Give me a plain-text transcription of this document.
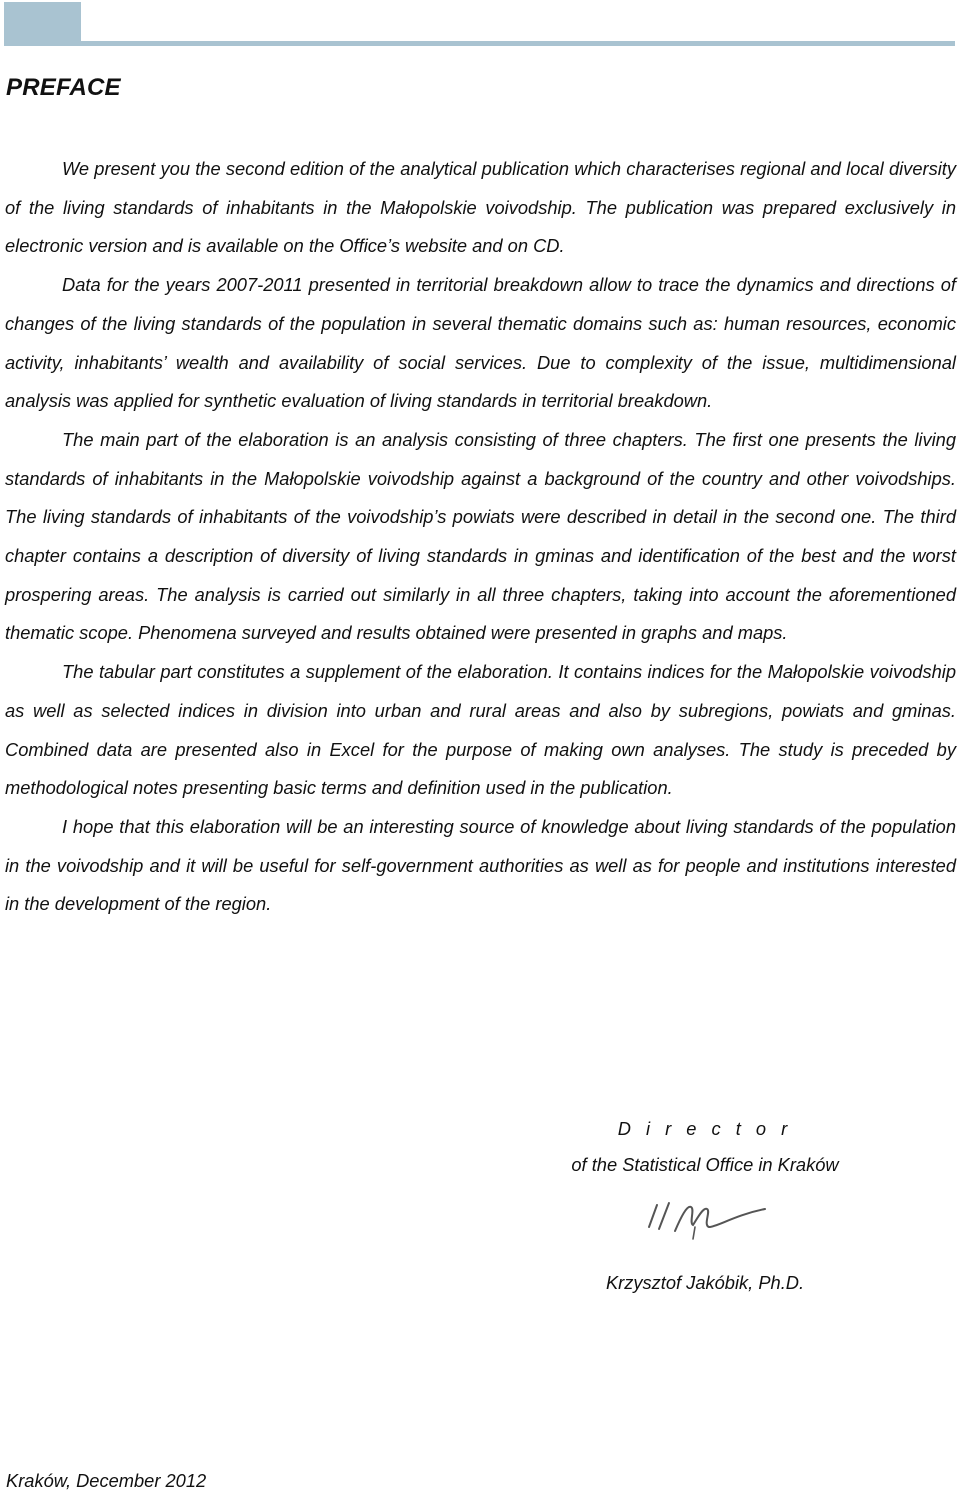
PREFACE

We present you the second edition of the analytical publication which characterises regional and local diversity of the living standards of inhabitants in the Małopolskie voivodship. The publication was prepared exclusively in electronic version and is available on the Office’s website and on CD.

Data for the years 2007-2011 presented in territorial breakdown allow to trace the dynamics and directions of changes of the living standards of the population in several thematic domains such as: human resources, economic activity, inhabitants’ wealth and availability of social services. Due to complexity of the issue, multidimensional analysis was applied for synthetic evaluation of living standards in territorial breakdown.

The main part of the elaboration is an analysis consisting of three chapters. The first one presents the living standards of inhabitants in the Małopolskie voivodship against a background of the country and other voivodships. The living standards of inhabitants of the voivodship’s powiats were described in detail in the second one. The third chapter contains a description of diversity of living standards in gminas and identification of the best and the worst prospering areas. The analysis is carried out similarly in all three chapters, taking into account the aforementioned thematic scope. Phenomena surveyed and results obtained were presented in graphs and maps.

The tabular part constitutes a supplement of the elaboration. It contains indices for the Małopolskie voivodship as well as selected indices in division into urban and rural areas and also by subregions, powiats and gminas. Combined data are presented also in Excel for the purpose of making own analyses. The study is preceded by methodological notes presenting basic terms and definition used in the publication.

I hope that this elaboration will be an interesting source of knowledge about living standards of the population in the voivodship and it will be useful for self-government authorities as well as for people and institutions interested in the development of the region.

D i r e c t o r
of the Statistical Office in Kraków
Krzysztof Jakóbik, Ph.D.
Kraków, December 2012
